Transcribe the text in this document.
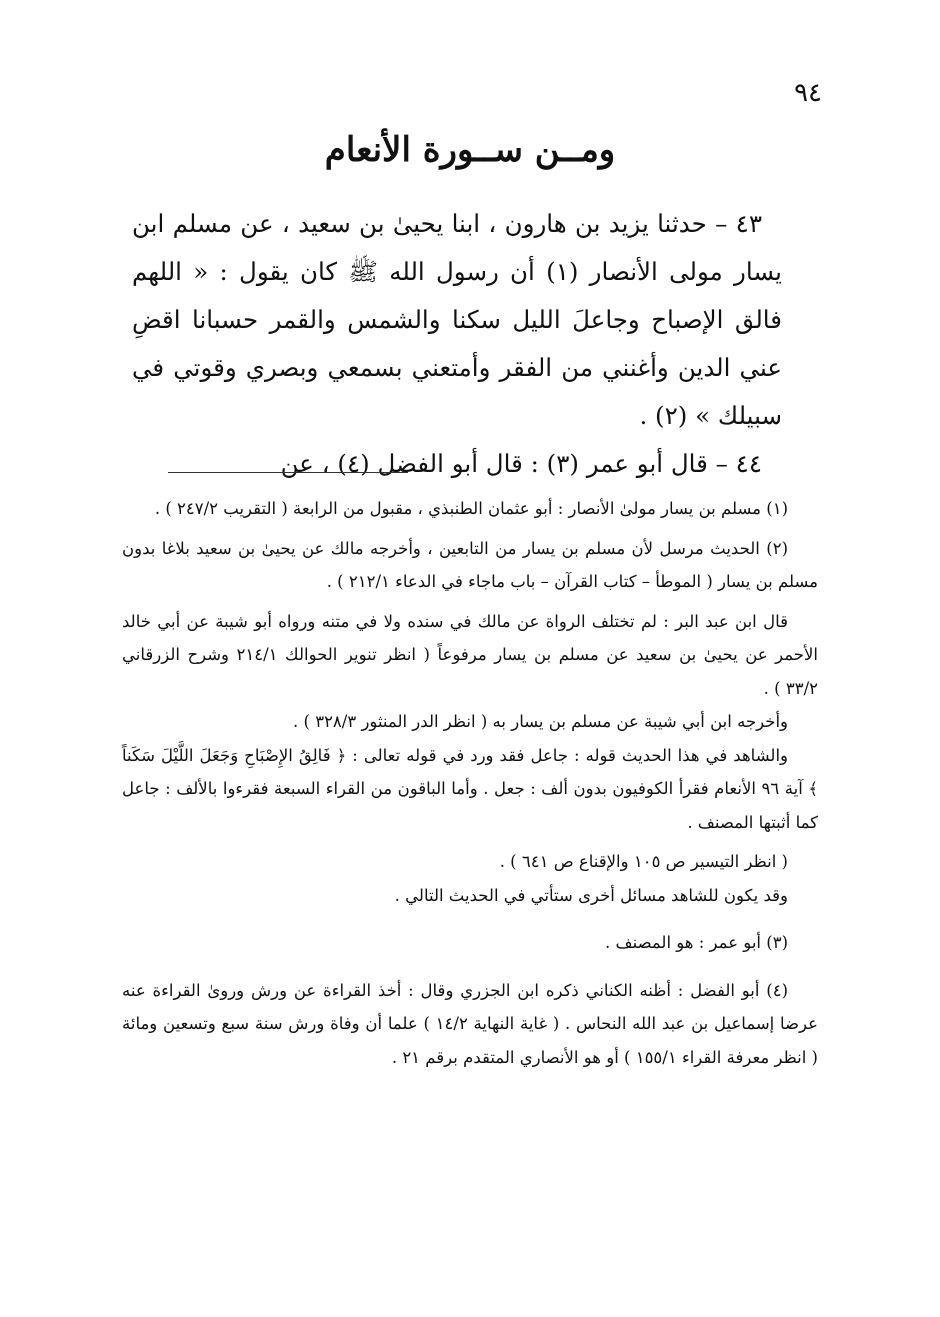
٩٤
ومــن ســورة الأنعام

٤٣ – حدثنا يزيد بن هارون ، ابنا يحيىٰ بن سعيد ، عن مسلم ابن يسار مولى الأنصار (١) أن رسول الله ﷺ كان يقول : « اللهم فالق الإصباح وجاعلَ الليل سكنا والشمس والقمر حسبانا اقضِ عني الدين وأغنني من الفقر وأمتعني بسمعي وبصري وقوتي في سبيلك » (٢) .

٤٤ – قال أبو عمر (٣) : قال أبو الفضل (٤) ، عن

(١) مسلم بن يسار مولىٰ الأنصار : أبو عثمان الطنبذي ، مقبول من الرابعة ( التقريب ٢٤٧/٢ ) .

(٢) الحديث مرسل لأن مسلم بن يسار من التابعين ، وأخرجه مالك عن يحيىٰ بن سعيد بلاغا بدون مسلم بن يسار ( الموطأ – كتاب القرآن – باب ماجاء في الدعاء ٢١٢/١ ) .

قال ابن عبد البر : لم تختلف الرواة عن مالك في سنده ولا في متنه ورواه أبو شيبة عن أبي خالد الأحمر عن يحيىٰ بن سعيد عن مسلم بن يسار مرفوعاً ( انظر تنوير الحوالك ٢١٤/١ وشرح الزرقاني ٣٣/٢ ) .

وأخرجه ابن أبي شيبة عن مسلم بن يسار به ( انظر الدر المنثور ٣٢٨/٣ ) .

والشاهد في هذا الحديث قوله : جاعل فقد ورد في قوله تعالى : ﴿ فَالِقُ الإِصْبَاحِ وَجَعَلَ اللَّيْلَ سَكَناً ﴾ آية ٩٦ الأنعام فقرأ الكوفيون بدون ألف : جعل . وأما الباقون من القراء السبعة فقرءوا بالألف : جاعل كما أثبتها المصنف .

( انظر التيسير ص ١٠٥ والإقناع ص ٦٤١ ) .

وقد يكون للشاهد مسائل أخرى ستأتي في الحديث التالي .

(٣) أبو عمر : هو المصنف .

(٤) أبو الفضل : أظنه الكناني ذكره ابن الجزري وقال : أخذ القراءة عن ورش وروىٰ القراءة عنه عرضا إسماعيل بن عبد الله النحاس . ( غاية النهاية ١٤/٢ ) علما أن وفاة ورش سنة سبع وتسعين ومائة ( انظر معرفة القراء ١٥٥/١ ) أو هو الأنصاري المتقدم برقم ٢١ .
